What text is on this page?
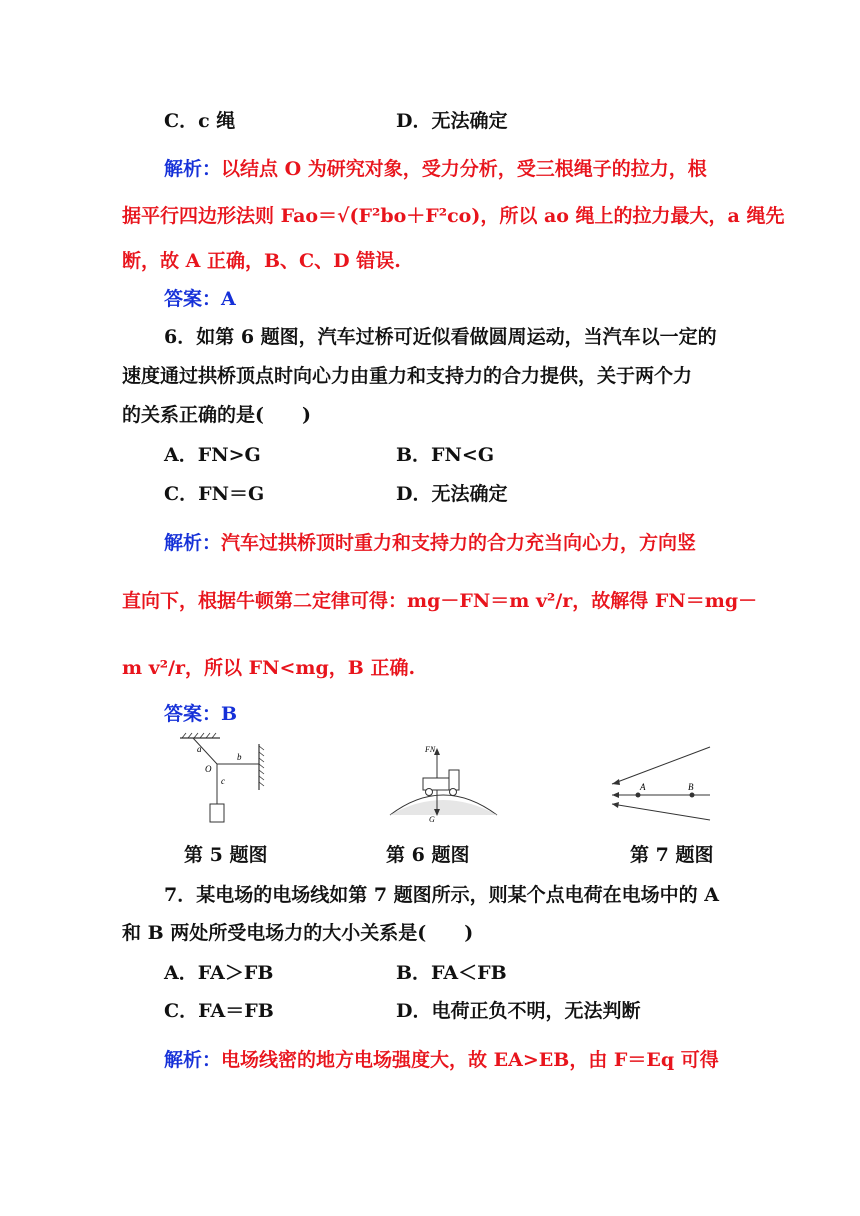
C．c 绳	D．无法确定
解析：以结点 O 为研究对象，受力分析，受三根绳子的拉力，根
据平行四边形法则 Fao＝√(F²bo＋F²co)，所以 ao 绳上的拉力最大，a 绳先
断，故 A 正确，B、C、D 错误.
答案：A
6．如第 6 题图，汽车过桥可近似看做圆周运动，当汽车以一定的
速度通过拱桥顶点时向心力由重力和支持力的合力提供，关于两个力
的关系正确的是(　　)
A．FN>G	B．FN<G
C．FN＝G	D．无法确定
解析：汽车过拱桥顶时重力和支持力的合力充当向心力，方向竖
直向下，根据牛顿第二定律可得：mg－FN＝m v²/r，故解得 FN＝mg－
m v²/r，所以 FN<mg，B 正确.
答案：B
a
b
O
c
FN
G
A	B
第 5 题图	第 6 题图	第 7 题图
7．某电场的电场线如第 7 题图所示，则某个点电荷在电场中的 A
和 B 两处所受电场力的大小关系是(　　)
A．FA＞FB	B．FA＜FB
C．FA＝FB	D．电荷正负不明，无法判断
解析：电场线密的地方电场强度大，故 EA>EB，由 F＝Eq 可得
